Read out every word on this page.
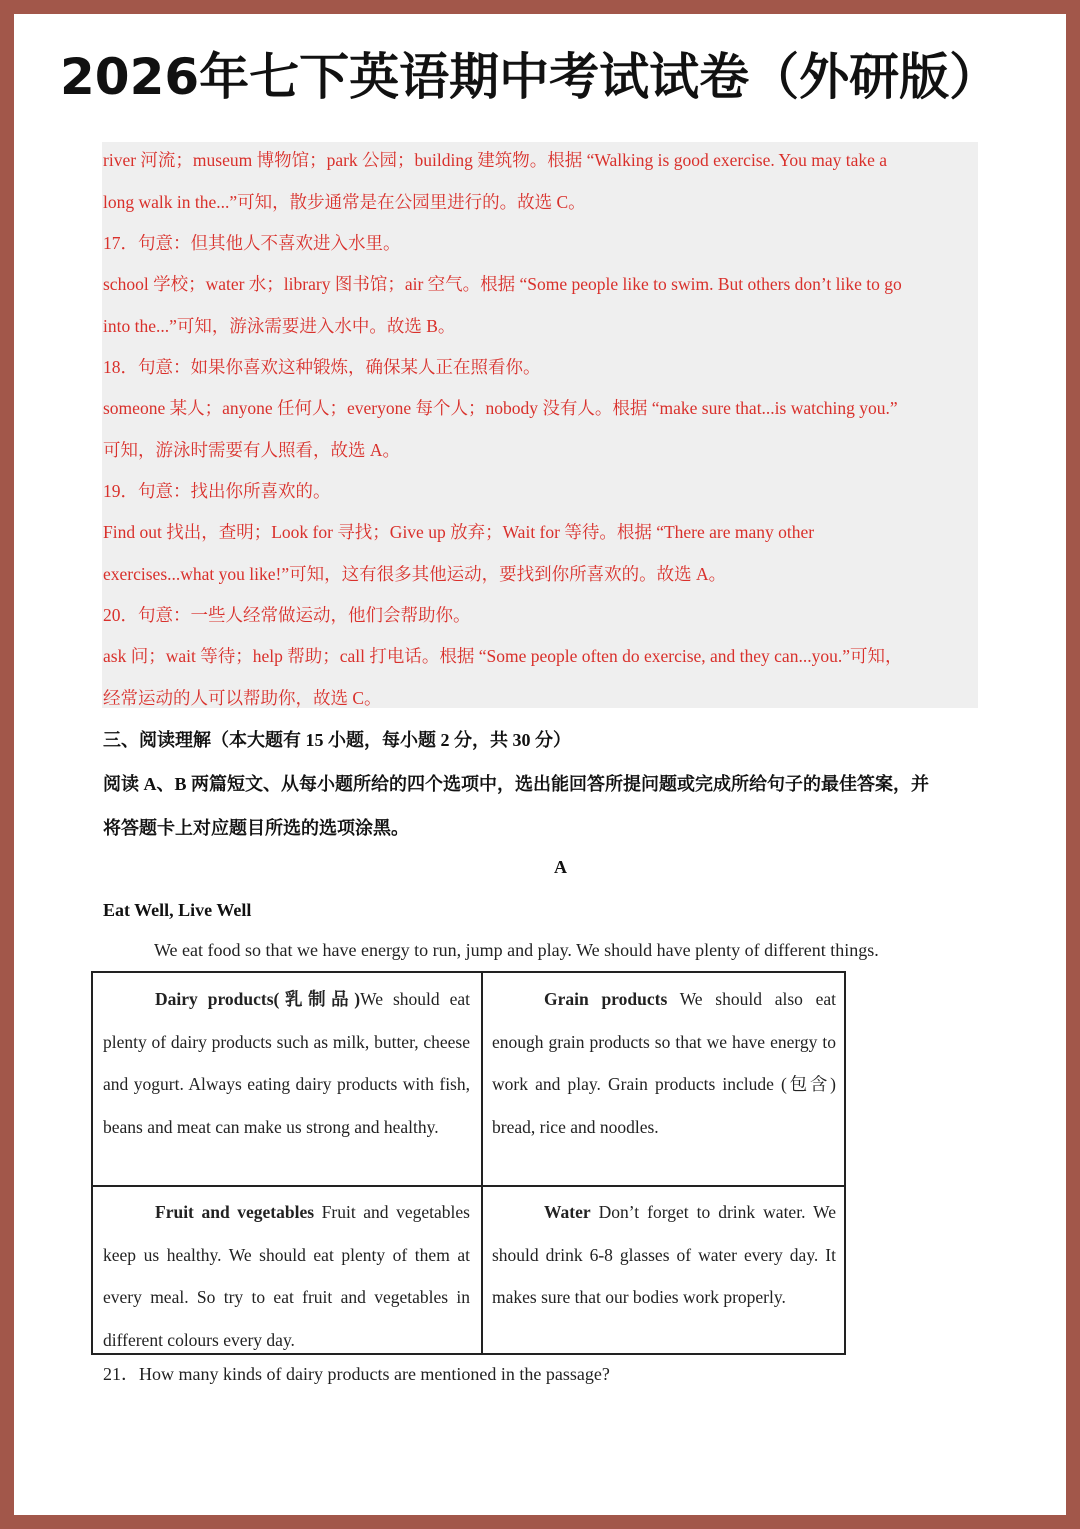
2026年七下英语期中考试试卷（外研版）
river 河流；museum 博物馆；park 公园；building 建筑物。根据 “Walking is good exercise. You may take a
long walk in the...”可知，散步通常是在公园里进行的。故选 C。
17．句意：但其他人不喜欢进入水里。
school 学校；water 水；library 图书馆；air 空气。根据 “Some people like to swim. But others don’t like to go
into the...”可知，游泳需要进入水中。故选 B。
18．句意：如果你喜欢这种锻炼，确保某人正在照看你。
someone 某人；anyone 任何人；everyone 每个人；nobody 没有人。根据 “make sure that...is watching you.”
可知，游泳时需要有人照看，故选 A。
19．句意：找出你所喜欢的。
Find out 找出，查明；Look for 寻找；Give up 放弃；Wait for 等待。根据 “There are many other
exercises...what you like!”可知，这有很多其他运动，要找到你所喜欢的。故选 A。
20．句意：一些人经常做运动，他们会帮助你。
ask 问；wait 等待；help 帮助；call 打电话。根据 “Some people often do exercise, and they can...you.”可知，
经常运动的人可以帮助你，故选 C。
三、阅读理解（本大题有 15 小题，每小题 2 分，共 30 分）
阅读 A、B 两篇短文、从每小题所给的四个选项中，选出能回答所提问题或完成所给句子的最佳答案，并
将答题卡上对应题目所选的选项涂黑。
A
Eat Well, Live Well
We eat food so that we have energy to run, jump and play. We should have plenty of different things.

Dairy products(乳制品)We should eat plenty of dairy products such as milk, butter, cheese and yogurt. Always eating dairy products with fish, beans and meat can make us strong and healthy.

Grain products We should also eat enough grain products so that we have energy to work and play. Grain products include (包含) bread, rice and noodles.

Fruit and vegetables Fruit and vegetables keep us healthy. We should eat plenty of them at every meal. So try to eat fruit and vegetables in different colours every day.

Water Don’t forget to drink water. We should drink 6-8 glasses of water every day. It makes sure that our bodies work properly.

21．How many kinds of dairy products are mentioned in the passage?
